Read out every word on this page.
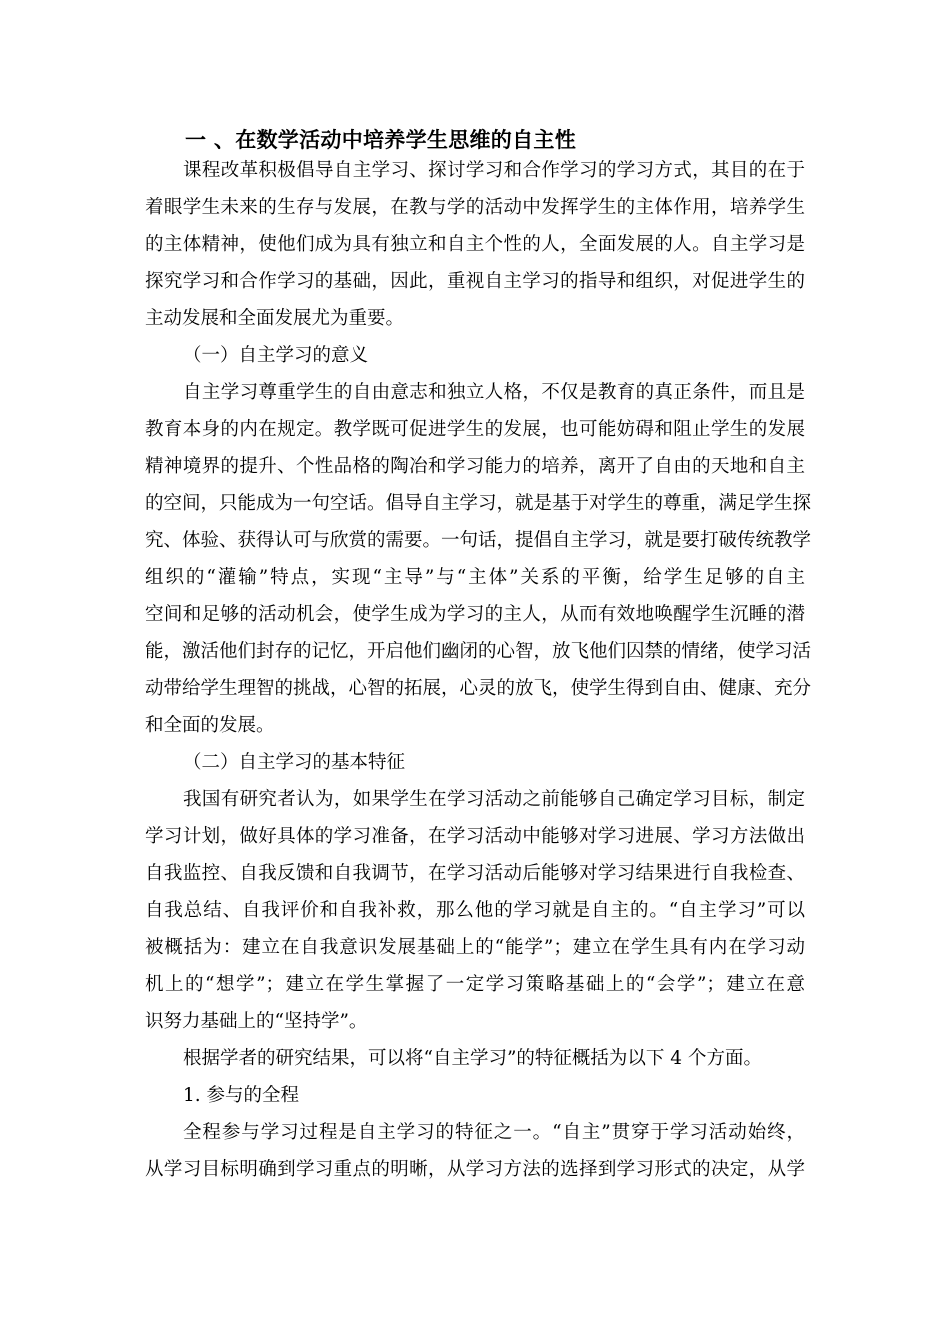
一 、在数学活动中培养学生思维的自主性
课程改革积极倡导自主学习、探讨学习和合作学习的学习方式，其目的在于
着眼学生未来的生存与发展，在教与学的活动中发挥学生的主体作用，培养学生
的主体精神，使他们成为具有独立和自主个性的人，全面发展的人。自主学习是
探究学习和合作学习的基础，因此，重视自主学习的指导和组织，对促进学生的
主动发展和全面发展尤为重要。
（一）自主学习的意义
自主学习尊重学生的自由意志和独立人格，不仅是教育的真正条件，而且是
教育本身的内在规定。教学既可促进学生的发展，也可能妨碍和阻止学生的发展
精神境界的提升、个性品格的陶冶和学习能力的培养，离开了自由的天地和自主
的空间，只能成为一句空话。倡导自主学习，就是基于对学生的尊重，满足学生探
究、体验、获得认可与欣赏的需要。一句话，提倡自主学习，就是要打破传统教学
组织的“灌输”特点，实现“主导”与“主体”关系的平衡，给学生足够的自主
空间和足够的活动机会，使学生成为学习的主人，从而有效地唤醒学生沉睡的潜
能，激活他们封存的记忆，开启他们幽闭的心智，放飞他们囚禁的情绪，使学习活
动带给学生理智的挑战，心智的拓展，心灵的放飞，使学生得到自由、健康、充分
和全面的发展。
（二）自主学习的基本特征
我国有研究者认为，如果学生在学习活动之前能够自己确定学习目标，制定
学习计划，做好具体的学习准备，在学习活动中能够对学习进展、学习方法做出
自我监控、自我反馈和自我调节，在学习活动后能够对学习结果进行自我检查、
自我总结、自我评价和自我补救，那么他的学习就是自主的。“自主学习”可以
被概括为：建立在自我意识发展基础上的“能学”；建立在学生具有内在学习动
机上的“想学”；建立在学生掌握了一定学习策略基础上的“会学”；建立在意
识努力基础上的“坚持学”。
根据学者的研究结果，可以将“自主学习”的特征概括为以下 4 个方面。
1. 参与的全程
全程参与学习过程是自主学习的特征之一。“自主”贯穿于学习活动始终，
从学习目标明确到学习重点的明晰，从学习方法的选择到学习形式的决定，从学
